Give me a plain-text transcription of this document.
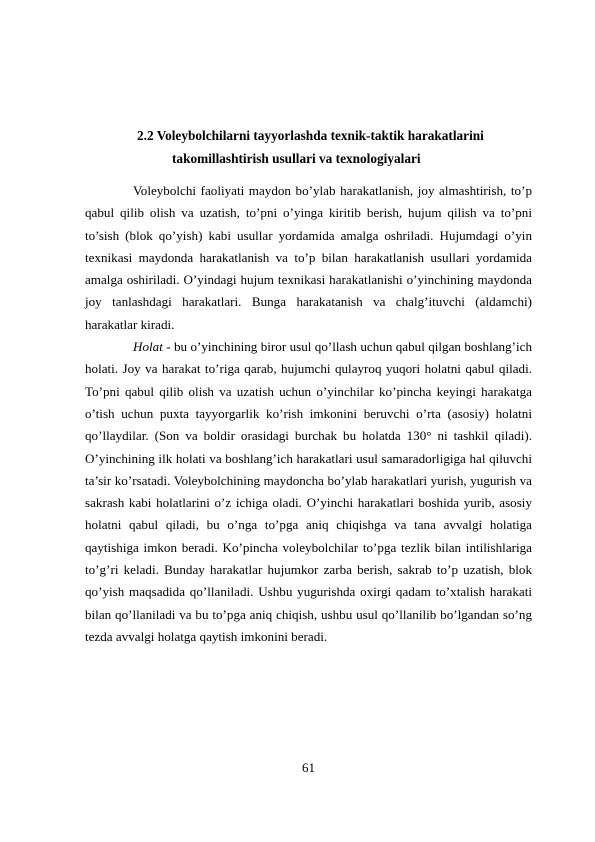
2.2 Voleybolchilarni tayyorlashda texnik-taktik harakatlarini
takomillashtirish usullari va texnologiyalari

Voleybolchi faoliyati maydon bo’ylab harakatlanish, joy almashtirish, to’p qabul qilib olish va uzatish, to’pni o’yinga kiritib berish, hujum qilish va to’pni to’sish (blok qo’yish) kabi usullar yordamida amalga oshriladi. Hujumdagi o’yin texnikasi maydonda harakatlanish va to’p bilan harakatlanish usullari yordamida amalga oshiriladi. O’yindagi hujum texnikasi harakatlanishi o’yinchining maydonda joy tanlashdagi harakatlari. Bunga harakatanish va chalg’ituvchi (aldamchi) harakatlar kiradi.

Holat - bu o’yinchining biror usul qo’llash uchun qabul qilgan boshlang’ich holati. Joy va harakat to’riga qarab, hujumchi qulayroq yuqori holatni qabul qiladi. To’pni qabul qilib olish va uzatish uchun o’yinchilar ko’pincha keyingi harakatga o’tish uchun puxta tayyorgarlik ko’rish imkonini beruvchi o’rta (asosiy) holatni qo’llaydilar. (Son va boldir orasidagi burchak bu holatda 130° ni tashkil qiladi). O’yinchining ilk holati va boshlang’ich harakatlari usul samaradorligiga hal qiluvchi ta’sir ko’rsatadi. Voleybolchining maydoncha bo’ylab harakatlari yurish, yugurish va sakrash kabi holatlarini o’z ichiga oladi. O’yinchi harakatlari boshida yurib, asosiy holatni qabul qiladi, bu o’nga to’pga aniq chiqishga va tana avvalgi holatiga qaytishiga imkon beradi. Ko’pincha voleybolchilar to’pga tezlik bilan intilishlariga to’g’ri keladi. Bunday harakatlar hujumkor zarba berish, sakrab to’p uzatish, blok qo’yish maqsadida qo’llaniladi. Ushbu yugurishda oxirgi qadam to’xtalish harakati bilan qo’llaniladi va bu to’pga aniq chiqish, ushbu usul qo’llanilib bo’lgandan so’ng tezda avvalgi holatga qaytish imkonini beradi.

61
